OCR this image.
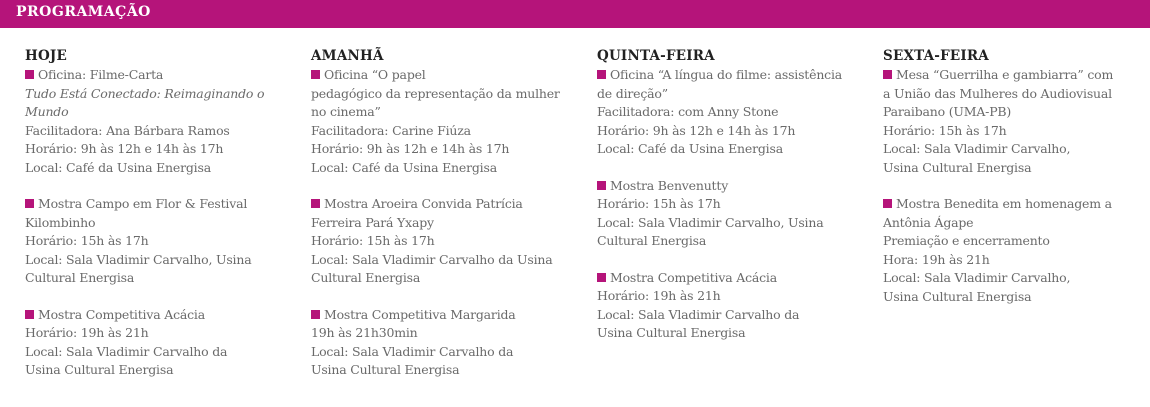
PROGRAMAÇÃO
HOJE
Oficina: Filme-Carta
Tudo Está Conectado: Reimaginando o
Mundo
Facilitadora: Ana Bárbara Ramos
Horário: 9h às 12h e 14h às 17h
Local: Café da Usina Energisa
Mostra Campo em Flor & Festival
Kilombinho
Horário: 15h às 17h
Local: Sala Vladimir Carvalho, Usina
Cultural Energisa
Mostra Competitiva Acácia
Horário: 19h às 21h
Local: Sala Vladimir Carvalho da
Usina Cultural Energisa
AMANHÃ
Oficina “O papel
pedagógico da representação da mulher
no cinema”
Facilitadora: Carine Fiúza
Horário: 9h às 12h e 14h às 17h
Local: Café da Usina Energisa
Mostra Aroeira Convida Patrícia
Ferreira Pará Yxapy
Horário: 15h às 17h
Local: Sala Vladimir Carvalho da Usina
Cultural Energisa
Mostra Competitiva Margarida
19h às 21h30min
Local: Sala Vladimir Carvalho da
Usina Cultural Energisa
QUINTA-FEIRA
Oficina “A língua do filme: assistência
de direção”
Facilitadora: com Anny Stone
Horário: 9h às 12h e 14h às 17h
Local: Café da Usina Energisa
Mostra Benvenutty
Horário: 15h às 17h
Local: Sala Vladimir Carvalho, Usina
Cultural Energisa
Mostra Competitiva Acácia
Horário: 19h às 21h
Local: Sala Vladimir Carvalho da
Usina Cultural Energisa
SEXTA-FEIRA
Mesa “Guerrilha e gambiarra” com
a União das Mulheres do Audiovisual
Paraibano (UMA-PB)
Horário: 15h às 17h
Local: Sala Vladimir Carvalho,
Usina Cultural Energisa
Mostra Benedita em homenagem a
Antônia Ágape
Premiação e encerramento
Hora: 19h às 21h
Local: Sala Vladimir Carvalho,
Usina Cultural Energisa
